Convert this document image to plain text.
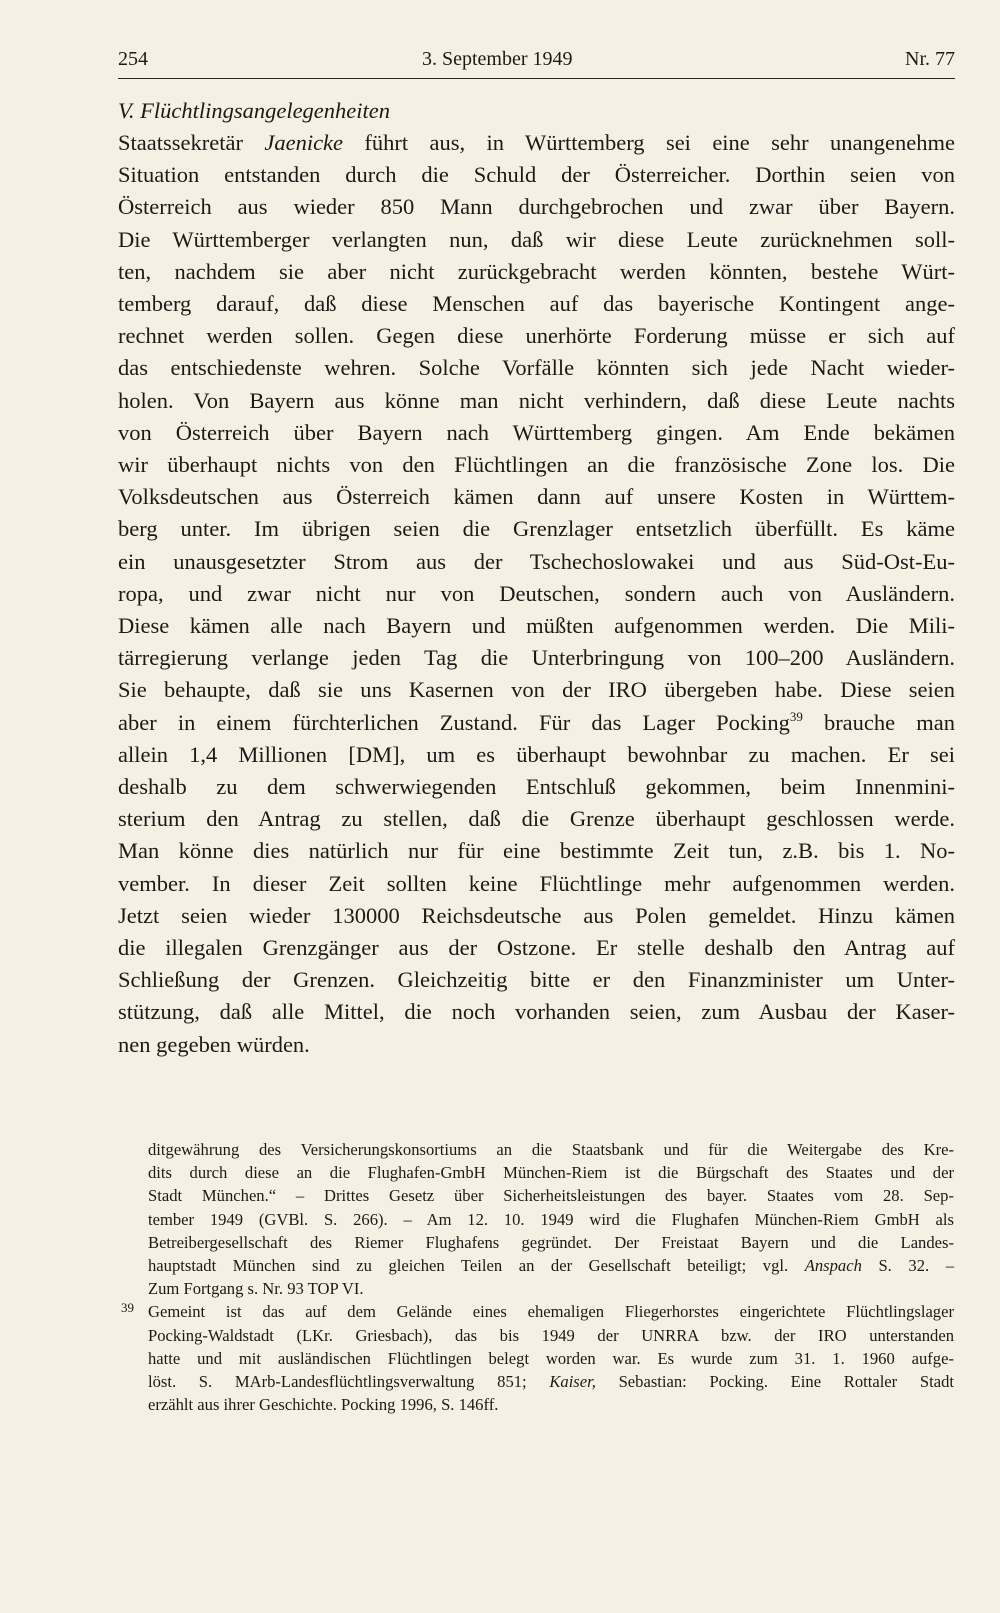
254	3. September 1949	Nr. 77
V. Flüchtlingsangelegenheiten
Staatssekretär Jaenicke führt aus, in Württemberg sei eine sehr unangenehme
Situation entstanden durch die Schuld der Österreicher. Dorthin seien von
Österreich aus wieder 850 Mann durchgebrochen und zwar über Bayern.
Die Württemberger verlangten nun, daß wir diese Leute zurücknehmen soll-
ten, nachdem sie aber nicht zurückgebracht werden könnten, bestehe Würt-
temberg darauf, daß diese Menschen auf das bayerische Kontingent ange-
rechnet werden sollen. Gegen diese unerhörte Forderung müsse er sich auf
das entschiedenste wehren. Solche Vorfälle könnten sich jede Nacht wieder-
holen. Von Bayern aus könne man nicht verhindern, daß diese Leute nachts
von Österreich über Bayern nach Württemberg gingen. Am Ende bekämen
wir überhaupt nichts von den Flüchtlingen an die französische Zone los. Die
Volksdeutschen aus Österreich kämen dann auf unsere Kosten in Württem-
berg unter. Im übrigen seien die Grenzlager entsetzlich überfüllt. Es käme
ein unausgesetzter Strom aus der Tschechoslowakei und aus Süd-Ost-Eu-
ropa, und zwar nicht nur von Deutschen, sondern auch von Ausländern.
Diese kämen alle nach Bayern und müßten aufgenommen werden. Die Mili-
tärregierung verlange jeden Tag die Unterbringung von 100–200 Ausländern.
Sie behaupte, daß sie uns Kasernen von der IRO übergeben habe. Diese seien
aber in einem fürchterlichen Zustand. Für das Lager Pocking$^{39}$ brauche man
allein 1,4 Millionen [DM], um es überhaupt bewohnbar zu machen. Er sei
deshalb zu dem schwerwiegenden Entschluß gekommen, beim Innenmini-
sterium den Antrag zu stellen, daß die Grenze überhaupt geschlossen werde.
Man könne dies natürlich nur für eine bestimmte Zeit tun, z.B. bis 1. No-
vember. In dieser Zeit sollten keine Flüchtlinge mehr aufgenommen werden.
Jetzt seien wieder 130000 Reichsdeutsche aus Polen gemeldet. Hinzu kämen
die illegalen Grenzgänger aus der Ostzone. Er stelle deshalb den Antrag auf
Schließung der Grenzen. Gleichzeitig bitte er den Finanzminister um Unter-
stützung, daß alle Mittel, die noch vorhanden seien, zum Ausbau der Kaser-
nen gegeben würden.
ditgewährung des Versicherungskonsortiums an die Staatsbank und für die Weitergabe des Kre-
dits durch diese an die Flughafen-GmbH München-Riem ist die Bürgschaft des Staates und der
Stadt München.“ – Drittes Gesetz über Sicherheitsleistungen des bayer. Staates vom 28. Sep-
tember 1949 (GVBl. S. 266). – Am 12. 10. 1949 wird die Flughafen München-Riem GmbH als
Betreibergesellschaft des Riemer Flughafens gegründet. Der Freistaat Bayern und die Landes-
hauptstadt München sind zu gleichen Teilen an der Gesellschaft beteiligt; vgl. Anspach S. 32. –
Zum Fortgang s. Nr. 93 TOP VI.
39 Gemeint ist das auf dem Gelände eines ehemaligen Fliegerhorstes eingerichtete Flüchtlingslager
Pocking-Waldstadt (LKr. Griesbach), das bis 1949 der UNRRA bzw. der IRO unterstanden
hatte und mit ausländischen Flüchtlingen belegt worden war. Es wurde zum 31. 1. 1960 aufge-
löst. S. MArb-Landesflüchtlingsverwaltung 851; Kaiser, Sebastian: Pocking. Eine Rottaler Stadt
erzählt aus ihrer Geschichte. Pocking 1996, S. 146ff.
